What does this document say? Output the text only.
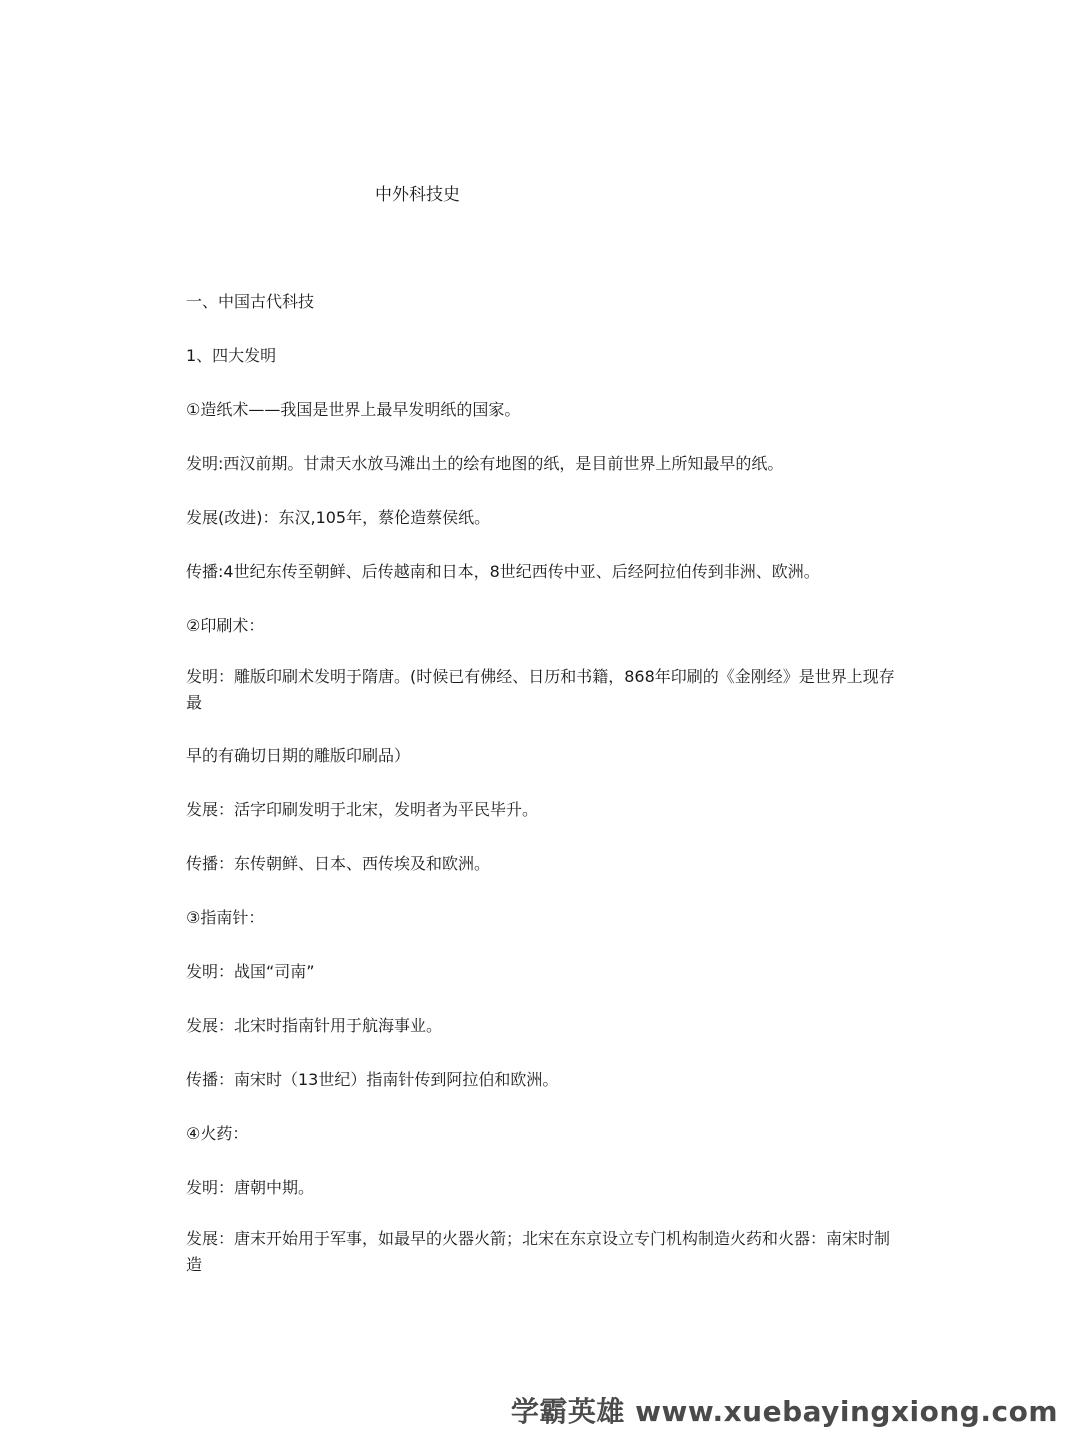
中外科技史
一、中国古代科技
1、四大发明
①造纸术——我国是世界上最早发明纸的国家。
发明:西汉前期。甘肃天水放马滩出土的绘有地图的纸，是目前世界上所知最早的纸。
发展(改进)：东汉,105年，蔡伦造蔡侯纸。
传播:4世纪东传至朝鲜、后传越南和日本，8世纪西传中亚、后经阿拉伯传到非洲、欧洲。
②印刷术：
发明：雕版印刷术发明于隋唐。(时候已有佛经、日历和书籍，868年印刷的《金刚经》是世界上现存最
早的有确切日期的雕版印刷品）
发展：活字印刷发明于北宋，发明者为平民毕升。
传播：东传朝鲜、日本、西传埃及和欧洲。
③指南针：
发明：战国“司南”
发展：北宋时指南针用于航海事业。
传播：南宋时（13世纪）指南针传到阿拉伯和欧洲。
④火药：
发明：唐朝中期。
发展：唐末开始用于军事，如最早的火器火箭；北宋在东京设立专门机构制造火药和火器：南宋时制造
学霸英雄 www.xuebayingxiong.com
